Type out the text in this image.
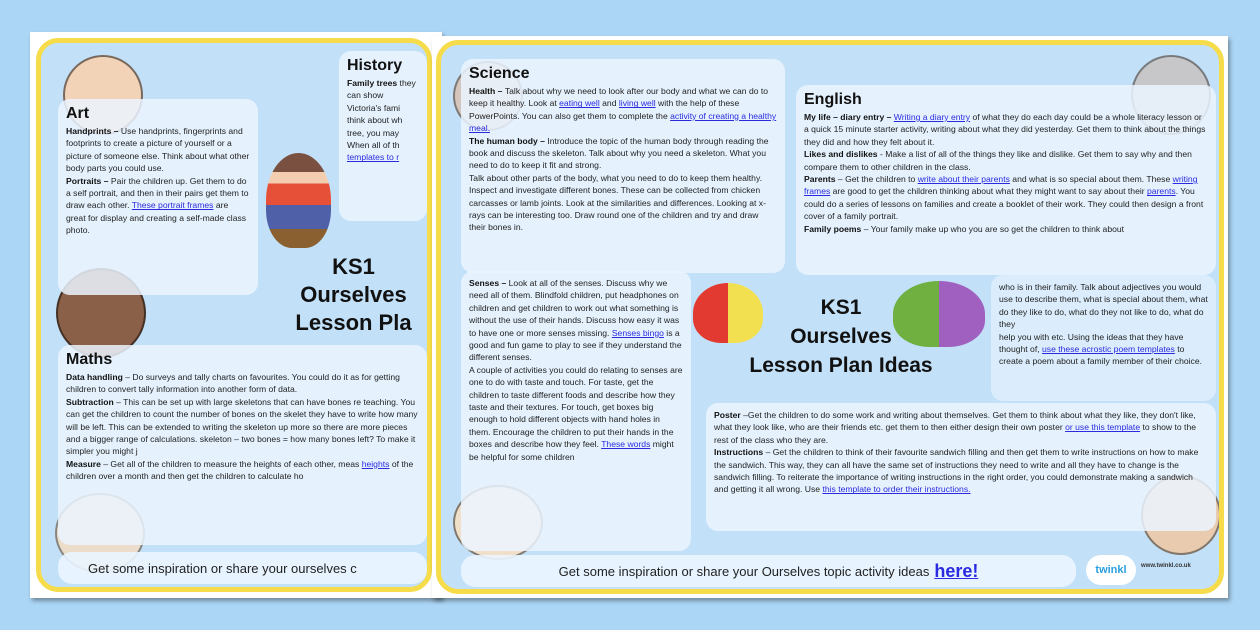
Art

Handprints – Use handprints, fingerprints and footprints to create a picture of yourself or a picture of someone else. Think about what other body parts you could use.

Portraits – Pair the children up. Get them to do a self portrait, and then in their pairs get them to draw each other. These portrait frames are great for display and creating a self-made class photo.

History

Family trees they can show Victoria's fami think about wh tree, you may When all of th templates to r

KS1
Ourselves
Lesson Pla
Maths

Data handling – Do surveys and tally charts on favourites. You could do it as for getting children to convert tally information into another form of data.

Subtraction – This can be set up with large skeletons that can have bones re teaching. You can get the children to count the number of bones on the skelet they have to write how many will be left. This can be extended to writing the skeleton up more so there are more pieces and a bigger range of calculations. skeleton – two bones = how many bones left? To make it simpler you might j

Measure – Get all of the children to measure the heights of each other, meas heights of the children over a month and then get the children to calculate ho

Get some inspiration or share your ourselves c
Science

Health – Talk about why we need to look after our body and what we can do to keep it healthy. Look at eating well and living well with the help of these PowerPoints. You can also get them to complete the activity of creating a healthy meal.

The human body – Introduce the topic of the human body through reading the book and discuss the skeleton. Talk about why you need a skeleton. What you need to do to keep it fit and strong.

Talk about other parts of the body, what you need to do to keep them healthy. Inspect and investigate different bones. These can be collected from chicken carcasses or lamb joints. Look at the similarities and differences. Looking at x-rays can be interesting too. Draw round one of the children and try and draw their bones in.

Senses – Look at all of the senses. Discuss why we need all of them. Blindfold children, put headphones on children and get children to work out what something is without the use of their hands. Discuss how easy it was to have one or more senses missing. Senses bingo is a good and fun game to play to see if they understand the different senses.

A couple of activities you could do relating to senses are one to do with taste and touch. For taste, get the children to taste different foods and describe how they taste and their textures. For touch, get boxes big enough to hold different objects with hand holes in them. Encourage the children to put their hands in the boxes and describe how they feel. These words might be helpful for some children

English

My life – diary entry – Writing a diary entry of what they do each day could be a whole literacy lesson or a quick 15 minute starter activity, writing about what they did yesterday. Get them to think about the things they did and how they felt about it.

Likes and dislikes - Make a list of all of the things they like and dislike. Get them to say why and then compare them to other children in the class.

Parents – Get the children to write about their parents and what is so special about them. These writing frames are good to get the children thinking about what they might want to say about their parents. You could do a series of lessons on families and create a booklet of their work. They could then design a front cover of a family portrait.

Family poems – Your family make up who you are so get the children to think about

KS1
Ourselves
Lesson Plan Ideas

who is in their family. Talk about adjectives you would use to describe them, what is special about them, what do they like to do, what do they not like to do, what do they

help you with etc. Using the ideas that they have thought of, use these acrostic poem templates to create a poem about a family member of their choice.

Poster –Get the children to do some work and writing about themselves. Get them to think about what they like, they don't like, what they look like, who are their friends etc. get them to then either design their own poster or use this template to show to the rest of the class who they are.

Instructions – Get the children to think of their favourite sandwich filling and then get them to write instructions on how to make the sandwich. This way, they can all have the same set of instructions they need to write and all they have to change is the sandwich filling. To reiterate the importance of writing instructions in the right order, you could demonstrate making a sandwich and getting it all wrong. Use this template to order their instructions.

Get some inspiration or share your Ourselves topic activity ideas here!	twinkl www.twinkl.co.uk
